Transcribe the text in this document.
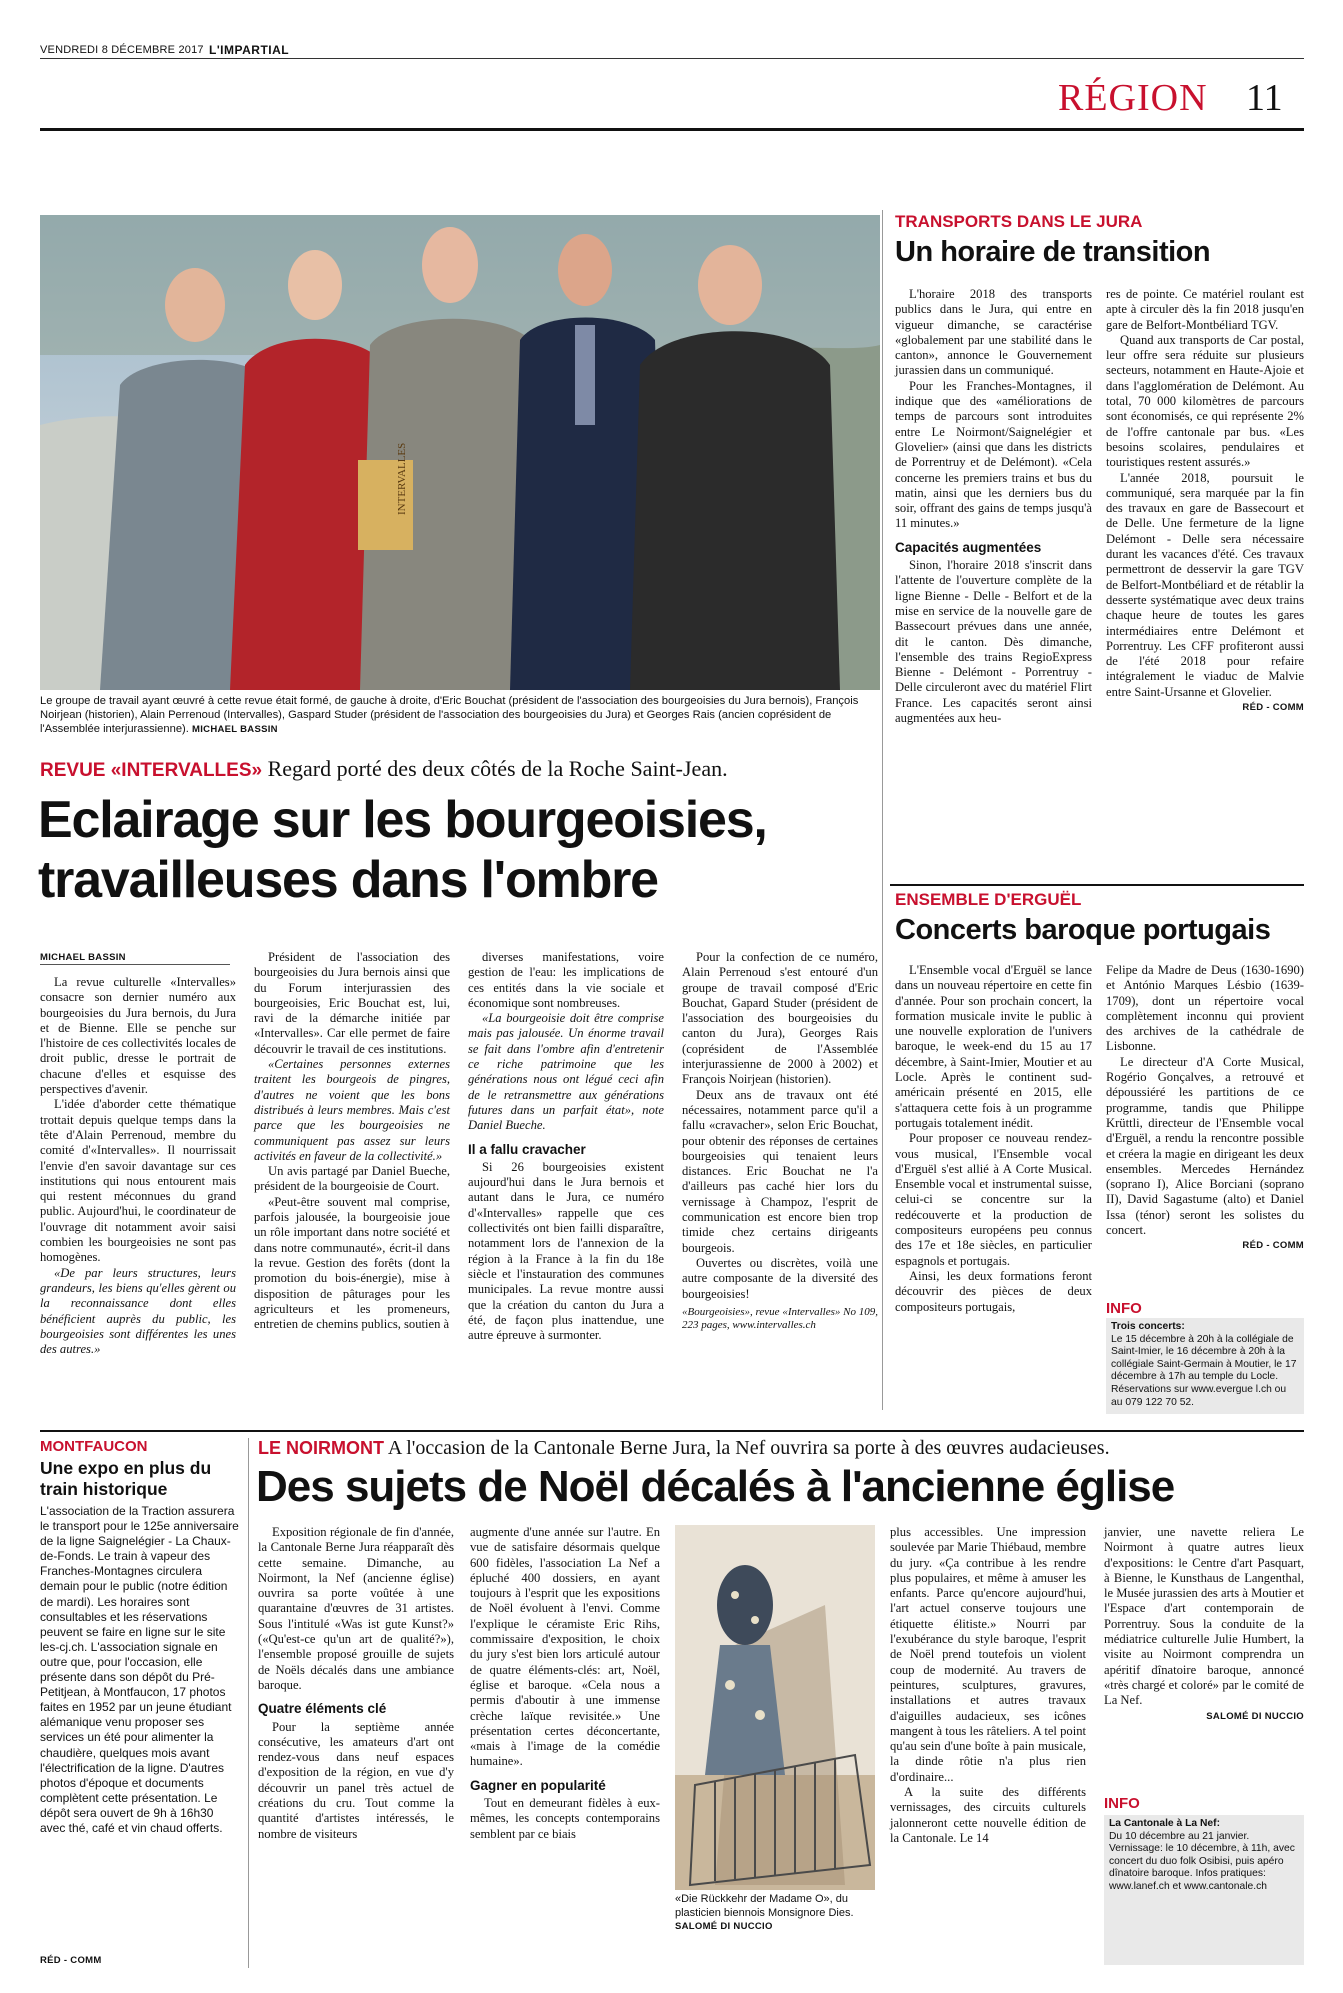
VENDREDI 8 DÉCEMBRE 2017 L'IMPARTIAL
RÉGION 11
INTERVALLES
Le groupe de travail ayant œuvré à cette revue était formé, de gauche à droite, d'Eric Bouchat (président de l'association des bourgeoisies du Jura bernois), François Noirjean (historien), Alain Perrenoud (Intervalles), Gaspard Studer (président de l'association des bourgeoisies du Jura) et Georges Rais (ancien coprésident de l'Assemblée interjurassienne). MICHAEL BASSIN
REVUE «INTERVALLES» Regard porté des deux côtés de la Roche Saint-Jean.
Eclairage sur les bourgeoisies,
travailleuses dans l'ombre
MICHAEL BASSIN

La revue culturelle «Intervalles» consacre son dernier numéro aux bourgeoisies du Jura bernois, du Jura et de Bienne. Elle se penche sur l'histoire de ces collectivités locales de droit public, dresse le portrait de chacune d'elles et esquisse des perspectives d'avenir.

L'idée d'aborder cette thématique trottait depuis quelque temps dans la tête d'Alain Perrenoud, membre du comité d'«Intervalles». Il nourrissait l'envie d'en savoir davantage sur ces institutions qui nous entourent mais qui restent méconnues du grand public. Aujourd'hui, le coordinateur de l'ouvrage dit notamment avoir saisi combien les bourgeoisies ne sont pas homogènes.

«De par leurs structures, leurs grandeurs, les biens qu'elles gèrent ou la reconnaissance dont elles bénéficient auprès du public, les bourgeoisies sont différentes les unes des autres.»

Président de l'association des bourgeoisies du Jura bernois ainsi que du Forum interjurassien des bourgeoisies, Eric Bouchat est, lui, ravi de la démarche initiée par «Intervalles». Car elle permet de faire découvrir le travail de ces institutions.

«Certaines personnes externes traitent les bourgeois de pingres, d'autres ne voient que les bons distribués à leurs membres. Mais c'est parce que les bourgeoisies ne communiquent pas assez sur leurs activités en faveur de la collectivité.»

Un avis partagé par Daniel Bueche, président de la bourgeoisie de Court.

«Peut-être souvent mal comprise, parfois jalousée, la bourgeoisie joue un rôle important dans notre société et dans notre communauté», écrit-il dans la revue. Gestion des forêts (dont la promotion du bois-énergie), mise à disposition de pâturages pour les agriculteurs et les promeneurs, entretien de chemins publics, soutien à

diverses manifestations, voire gestion de l'eau: les implications de ces entités dans la vie sociale et économique sont nombreuses.

«La bourgeoisie doit être comprise mais pas jalousée. Un énorme travail se fait dans l'ombre afin d'entretenir ce riche patrimoine que les générations nous ont légué ceci afin de le retransmettre aux générations futures dans un parfait état», note Daniel Bueche.

Il a fallu cravacher

Si 26 bourgeoisies existent aujourd'hui dans le Jura bernois et autant dans le Jura, ce numéro d'«Intervalles» rappelle que ces collectivités ont bien failli disparaître, notamment lors de l'annexion de la région à la France à la fin du 18e siècle et l'instauration des communes municipales. La revue montre aussi que la création du canton du Jura a été, de façon plus inattendue, une autre épreuve à surmonter.

Pour la confection de ce numéro, Alain Perrenoud s'est entouré d'un groupe de travail composé d'Eric Bouchat, Gapard Studer (président de l'association des bourgeoisies du canton du Jura), Georges Rais (coprésident de l'Assemblée interjurassienne de 2000 à 2002) et François Noirjean (historien).

Deux ans de travaux ont été nécessaires, notamment parce qu'il a fallu «cravacher», selon Eric Bouchat, pour obtenir des réponses de certaines bourgeoisies qui tenaient leurs distances. Eric Bouchat ne l'a d'ailleurs pas caché hier lors du vernissage à Champoz, l'esprit de communication est encore bien trop timide chez certains dirigeants bourgeois.

Ouvertes ou discrètes, voilà une autre composante de la diversité des bourgeoisies!

«Bourgeoisies», revue «Intervalles» No 109, 223 pages, www.intervalles.ch
TRANSPORTS DANS LE JURA
Un horaire de transition

L'horaire 2018 des transports publics dans le Jura, qui entre en vigueur dimanche, se caractérise «globalement par une stabilité dans le canton», annonce le Gouvernement jurassien dans un communiqué.

Pour les Franches-Montagnes, il indique que des «améliorations de temps de parcours sont introduites entre Le Noirmont/Saignelégier et Glovelier» (ainsi que dans les districts de Porrentruy et de Delémont). «Cela concerne les premiers trains et bus du matin, ainsi que les derniers bus du soir, offrant des gains de temps jusqu'à 11 minutes.»

Capacités augmentées

Sinon, l'horaire 2018 s'inscrit dans l'attente de l'ouverture complète de la ligne Bienne - Delle - Belfort et de la mise en service de la nouvelle gare de Bassecourt prévues dans une année, dit le canton. Dès dimanche, l'ensemble des trains RegioExpress Bienne - Delémont - Porrentruy - Delle circuleront avec du matériel Flirt France. Les capacités seront ainsi augmentées aux heu-

res de pointe. Ce matériel roulant est apte à circuler dès la fin 2018 jusqu'en gare de Belfort-Montbéliard TGV.

Quand aux transports de Car postal, leur offre sera réduite sur plusieurs secteurs, notamment en Haute-Ajoie et dans l'agglomération de Delémont. Au total, 70 000 kilomètres de parcours sont économisés, ce qui représente 2% de l'offre cantonale par bus. «Les besoins scolaires, pendulaires et touristiques restent assurés.»

L'année 2018, poursuit le communiqué, sera marquée par la fin des travaux en gare de Bassecourt et de Delle. Une fermeture de la ligne Delémont - Delle sera nécessaire durant les vacances d'été. Ces travaux permettront de desservir la gare TGV de Belfort-Montbéliard et de rétablir la desserte systématique avec deux trains chaque heure de toutes les gares intermédiaires entre Delémont et Porrentruy. Les CFF profiteront aussi de l'été 2018 pour refaire intégralement le viaduc de Malvie entre Saint-Ursanne et Glovelier.

RÉD - COMM
ENSEMBLE D'ERGUËL
Concerts baroque portugais

L'Ensemble vocal d'Erguël se lance dans un nouveau répertoire en cette fin d'année. Pour son prochain concert, la formation musicale invite le public à une nouvelle exploration de l'univers baroque, le week-end du 15 au 17 décembre, à Saint-Imier, Moutier et au Locle. Après le continent sud-américain présenté en 2015, elle s'attaquera cette fois à un programme portugais totalement inédit.

Pour proposer ce nouveau rendez-vous musical, l'Ensemble vocal d'Erguël s'est allié à A Corte Musical. Ensemble vocal et instrumental suisse, celui-ci se concentre sur la redécouverte et la production de compositeurs européens peu connus des 17e et 18e siècles, en particulier espagnols et portugais.

Ainsi, les deux formations feront découvrir des pièces de deux compositeurs portugais,

Felipe da Madre de Deus (1630-1690) et António Marques Lésbio (1639-1709), dont un répertoire vocal complètement inconnu qui provient des archives de la cathédrale de Lisbonne.

Le directeur d'A Corte Musical, Rogério Gonçalves, a retrouvé et dépoussiéré les partitions de ce programme, tandis que Philippe Krüttli, directeur de l'Ensemble vocal d'Erguël, a rendu la rencontre possible et créera la magie en dirigeant les deux ensembles. Mercedes Hernández (soprano I), Alice Borciani (soprano II), David Sagastume (alto) et Daniel Issa (ténor) seront les solistes du concert.

RÉD - COMM
INFO
Trois concerts:
Le 15 décembre à 20h à la collégiale de Saint-Imier, le 16 décembre à 20h à la collégiale Saint-Germain à Moutier, le 17 décembre à 17h au temple du Locle. Réservations sur www.evergue l.ch ou au 079 122 70 52.
MONTFAUCON
Une expo en plus du train historique
L'association de la Traction assurera le transport pour le 125e anniversaire de la ligne Saignelégier - La Chaux-de-Fonds. Le train à vapeur des Franches-Montagnes circulera demain pour le public (notre édition de mardi). Les horaires sont consultables et les réservations peuvent se faire en ligne sur le site les-cj.ch. L'association signale en outre que, pour l'occasion, elle présente dans son dépôt du Pré-Petitjean, à Montfaucon, 17 photos faites en 1952 par un jeune étudiant alémanique venu proposer ses services un été pour alimenter la chaudière, quelques mois avant l'électrification de la ligne. D'autres photos d'époque et documents complètent cette présentation. Le dépôt sera ouvert de 9h à 16h30 avec thé, café et vin chaud offerts.
RÉD - COMM
LE NOIRMONT A l'occasion de la Cantonale Berne Jura, la Nef ouvrira sa porte à des œuvres audacieuses.
Des sujets de Noël décalés à l'ancienne église

Exposition régionale de fin d'année, la Cantonale Berne Jura réapparaît dès cette semaine. Dimanche, au Noirmont, la Nef (ancienne église) ouvrira sa porte voûtée à une quarantaine d'œuvres de 31 artistes. Sous l'intitulé «Was ist gute Kunst?» («Qu'est-ce qu'un art de qualité?»), l'ensemble proposé grouille de sujets de Noëls décalés dans une ambiance baroque.

Quatre éléments clé

Pour la septième année consécutive, les amateurs d'art ont rendez-vous dans neuf espaces d'exposition de la région, en vue d'y découvrir un panel très actuel de créations du cru. Tout comme la quantité d'artistes intéressés, le nombre de visiteurs

augmente d'une année sur l'autre. En vue de satisfaire désormais quelque 600 fidèles, l'association La Nef a épluché 400 dossiers, en ayant toujours à l'esprit que les expositions de Noël évoluent à l'envi. Comme l'explique le céramiste Eric Rihs, commissaire d'exposition, le choix du jury s'est bien lors articulé autour de quatre éléments-clés: art, Noël, église et baroque. «Cela nous a permis d'aboutir à une immense crèche laïque revisitée.» Une présentation certes déconcertante, «mais à l'image de la comédie humaine».

Gagner en popularité

Tout en demeurant fidèles à eux-mêmes, les concepts contemporains semblent par ce biais

«Die Rückkehr der Madame O», du plasticien biennois Monsignore Dies. SALOMÉ DI NUCCIO

plus accessibles. Une impression soulevée par Marie Thiébaud, membre du jury. «Ça contribue à les rendre plus populaires, et même à amuser les enfants. Parce qu'encore aujourd'hui, l'art actuel conserve toujours une étiquette élitiste.» Nourri par l'exubérance du style baroque, l'esprit de Noël prend toutefois un violent coup de modernité. Au travers de peintures, sculptures, gravures, installations et autres travaux d'aiguilles audacieux, ses icônes mangent à tous les râteliers. A tel point qu'au sein d'une boîte à pain musicale, la dinde rôtie n'a plus rien d'ordinaire...

A la suite des différents vernissages, des circuits culturels jalonneront cette nouvelle édition de la Cantonale. Le 14

janvier, une navette reliera Le Noirmont à quatre autres lieux d'expositions: le Centre d'art Pasquart, à Bienne, le Kunsthaus de Langenthal, le Musée jurassien des arts à Moutier et l'Espace d'art contemporain de Porrentruy. Sous la conduite de la médiatrice culturelle Julie Humbert, la visite au Noirmont comprendra un apéritif dînatoire baroque, annoncé «très chargé et coloré» par le comité de La Nef.

SALOMÉ DI NUCCIO
INFO
La Cantonale à La Nef:
Du 10 décembre au 21 janvier. Vernissage: le 10 décembre, à 11h, avec concert du duo folk Osibisi, puis apéro dînatoire baroque. Infos pratiques: www.lanef.ch et www.cantonale.ch
